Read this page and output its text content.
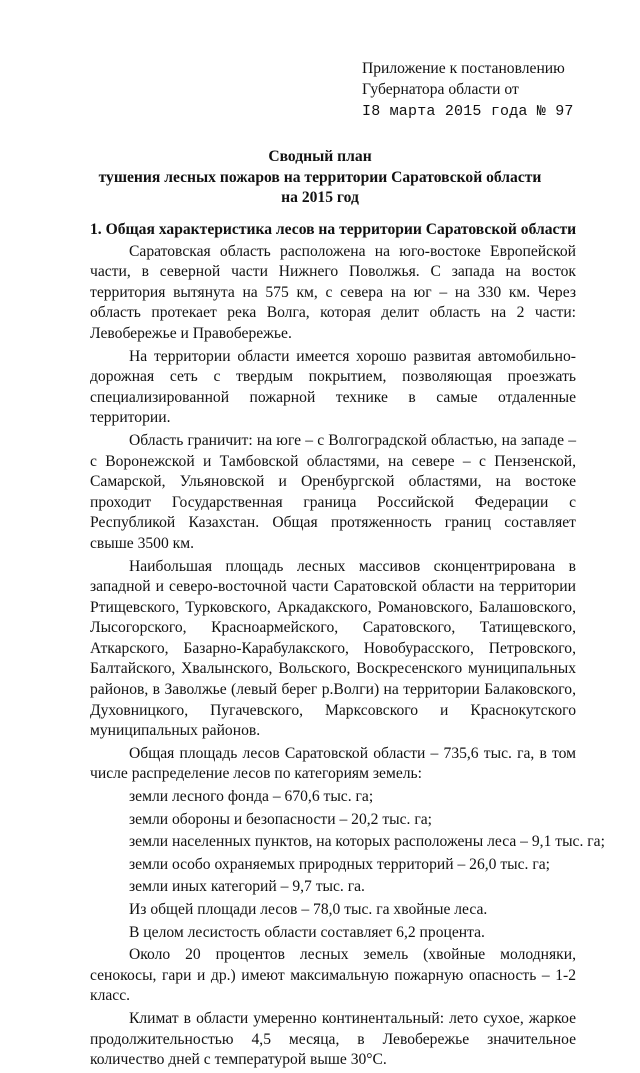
Приложение к постановлению
Губернатора области от
I8 марта 2015 года № 97
Сводный план
тушения лесных пожаров на территории Саратовской области
на 2015 год
1. Общая характеристика лесов на территории Саратовской области
Саратовская область расположена на юго-востоке Европейской части, в северной части Нижнего Поволжья. С запада на восток территория вытянута на 575 км, с севера на юг – на 330 км. Через область протекает река Волга, которая делит область на 2 части: Левобережье и Правобережье.
На территории области имеется хорошо развитая автомобильно-дорожная сеть с твердым покрытием, позволяющая проезжать специализированной пожарной технике в самые отдаленные территории.
Область граничит: на юге – с Волгоградской областью, на западе – с Воронежской и Тамбовской областями, на севере – с Пензенской, Самарской, Ульяновской и Оренбургской областями, на востоке проходит Государственная граница Российской Федерации с Республикой Казахстан. Общая протяженность границ составляет свыше 3500 км.
Наибольшая площадь лесных массивов сконцентрирована в западной и северо-восточной части Саратовской области на территории Ртищевского, Турковского, Аркадакского, Романовского, Балашовского, Лысогорского, Красноармейского, Саратовского, Татищевского, Аткарского, Базарно-Карабулакского, Новобурасского, Петровского, Балтайского, Хвалынского, Вольского, Воскресенского муниципальных районов, в Заволжье (левый берег р.Волги) на территории Балаковского, Духовницкого, Пугачевского, Марксовского и Краснокутского муниципальных районов.
Общая площадь лесов Саратовской области – 735,6 тыс. га, в том числе распределение лесов по категориям земель:
земли лесного фонда – 670,6 тыс. га;
земли обороны и безопасности – 20,2 тыс. га;
земли населенных пунктов, на которых расположены леса – 9,1 тыс. га;
земли особо охраняемых природных территорий – 26,0 тыс. га;
земли иных категорий – 9,7 тыс. га.
Из общей площади лесов – 78,0 тыс. га хвойные леса.
В целом лесистость области составляет 6,2 процента.
Около 20 процентов лесных земель (хвойные молодняки, сенокосы, гари и др.) имеют максимальную пожарную опасность – 1-2 класс.
Климат в области умеренно континентальный: лето сухое, жаркое продолжительностью 4,5 месяца, в Левобережье значительное количество дней с температурой выше 30°С.
